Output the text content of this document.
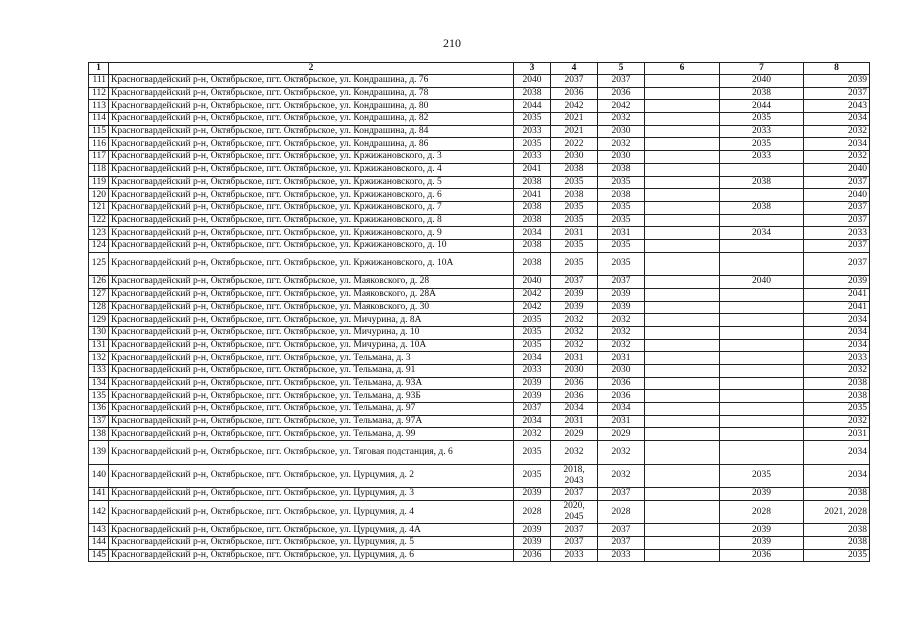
210
1	2	3	4	5	6	7	8
111	Красногвардейский р-н, Октябрьское, пгт. Октябрьское, ул. Кондрашина, д. 76	2040	2037	2037		2040	2039
112	Красногвардейский р-н, Октябрьское, пгт. Октябрьское, ул. Кондрашина, д. 78	2038	2036	2036		2038	2037
113	Красногвардейский р-н, Октябрьское, пгт. Октябрьское, ул. Кондрашина, д. 80	2044	2042	2042		2044	2043
114	Красногвардейский р-н, Октябрьское, пгт. Октябрьское, ул. Кондрашина, д. 82	2035	2021	2032		2035	2034
115	Красногвардейский р-н, Октябрьское, пгт. Октябрьское, ул. Кондрашина, д. 84	2033	2021	2030		2033	2032
116	Красногвардейский р-н, Октябрьское, пгт. Октябрьское, ул. Кондрашина, д. 86	2035	2022	2032		2035	2034
117	Красногвардейский р-н, Октябрьское, пгт. Октябрьское, ул. Кржижановского, д. 3	2033	2030	2030		2033	2032
118	Красногвардейский р-н, Октябрьское, пгт. Октябрьское, ул. Кржижановского, д. 4	2041	2038	2038			2040
119	Красногвардейский р-н, Октябрьское, пгт. Октябрьское, ул. Кржижановского, д. 5	2038	2035	2035		2038	2037
120	Красногвардейский р-н, Октябрьское, пгт. Октябрьское, ул. Кржижановского, д. 6	2041	2038	2038			2040
121	Красногвардейский р-н, Октябрьское, пгт. Октябрьское, ул. Кржижановского, д. 7	2038	2035	2035		2038	2037
122	Красногвардейский р-н, Октябрьское, пгт. Октябрьское, ул. Кржижановского, д. 8	2038	2035	2035			2037
123	Красногвардейский р-н, Октябрьское, пгт. Октябрьское, ул. Кржижановского, д. 9	2034	2031	2031		2034	2033
124	Красногвардейский р-н, Октябрьское, пгт. Октябрьское, ул. Кржижановского, д. 10	2038	2035	2035			2037
125	Красногвардейский р-н, Октябрьское, пгт. Октябрьское, ул. Кржижановского, д. 10А	2038	2035	2035			2037
126	Красногвардейский р-н, Октябрьское, пгт. Октябрьское, ул. Маяковского, д. 28	2040	2037	2037		2040	2039
127	Красногвардейский р-н, Октябрьское, пгт. Октябрьское, ул. Маяковского, д. 28А	2042	2039	2039			2041
128	Красногвардейский р-н, Октябрьское, пгт. Октябрьское, ул. Маяковского, д. 30	2042	2039	2039			2041
129	Красногвардейский р-н, Октябрьское, пгт. Октябрьское, ул. Мичурина, д. 8А	2035	2032	2032			2034
130	Красногвардейский р-н, Октябрьское, пгт. Октябрьское, ул. Мичурина, д. 10	2035	2032	2032			2034
131	Красногвардейский р-н, Октябрьское, пгт. Октябрьское, ул. Мичурина, д. 10А	2035	2032	2032			2034
132	Красногвардейский р-н, Октябрьское, пгт. Октябрьское, ул. Тельмана, д. 3	2034	2031	2031			2033
133	Красногвардейский р-н, Октябрьское, пгт. Октябрьское, ул. Тельмана, д. 91	2033	2030	2030			2032
134	Красногвардейский р-н, Октябрьское, пгт. Октябрьское, ул. Тельмана, д. 93А	2039	2036	2036			2038
135	Красногвардейский р-н, Октябрьское, пгт. Октябрьское, ул. Тельмана, д. 93Б	2039	2036	2036			2038
136	Красногвардейский р-н, Октябрьское, пгт. Октябрьское, ул. Тельмана, д. 97	2037	2034	2034			2035
137	Красногвардейский р-н, Октябрьское, пгт. Октябрьское, ул. Тельмана, д. 97А	2034	2031	2031			2032
138	Красногвардейский р-н, Октябрьское, пгт. Октябрьское, ул. Тельмана, д. 99	2032	2029	2029			2031
139	Красногвардейский р-н, Октябрьское, пгт. Октябрьское, ул. Тяговая подстанция, д. 6	2035	2032	2032			2034
140	Красногвардейский р-н, Октябрьское, пгт. Октябрьское, ул. Цурцумия, д. 2	2035	2018, 2043	2032		2035	2034
141	Красногвардейский р-н, Октябрьское, пгт. Октябрьское, ул. Цурцумия, д. 3	2039	2037	2037		2039	2038
142	Красногвардейский р-н, Октябрьское, пгт. Октябрьское, ул. Цурцумия, д. 4	2028	2020, 2045	2028		2028	2021, 2028
143	Красногвардейский р-н, Октябрьское, пгт. Октябрьское, ул. Цурцумия, д. 4А	2039	2037	2037		2039	2038
144	Красногвардейский р-н, Октябрьское, пгт. Октябрьское, ул. Цурцумия, д. 5	2039	2037	2037		2039	2038
145	Красногвардейский р-н, Октябрьское, пгт. Октябрьское, ул. Цурцумия, д. 6	2036	2033	2033		2036	2035
